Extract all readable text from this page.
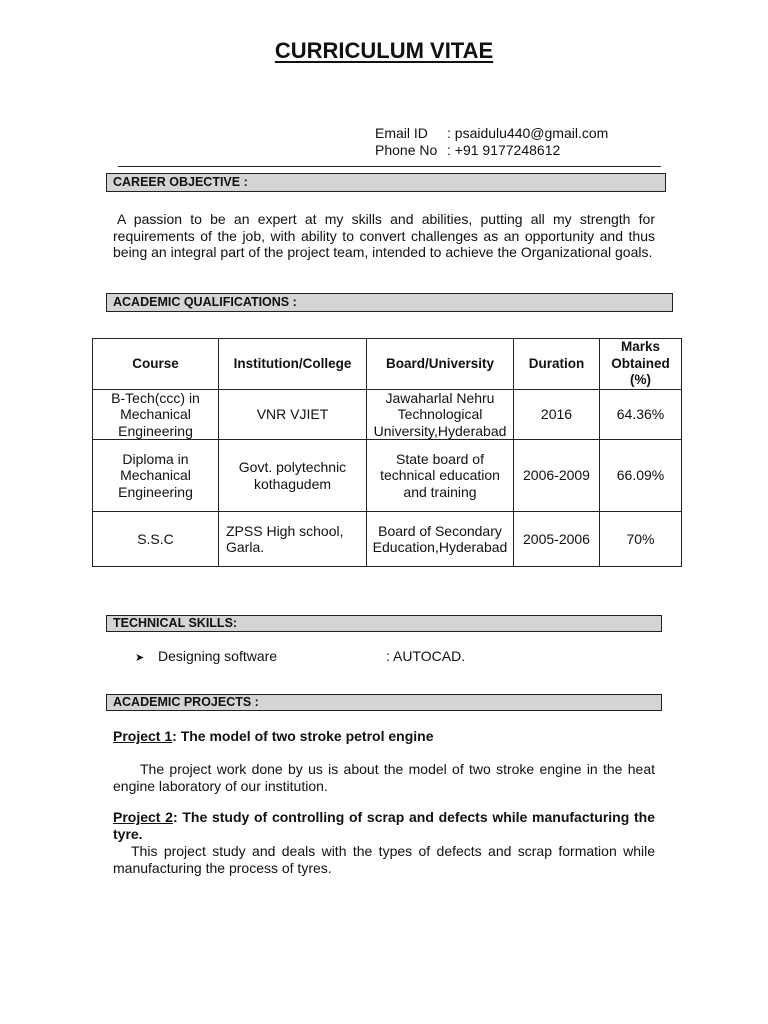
CURRICULUM VITAE
Email ID : psaidulu440@gmail.com
Phone No : +91 9177248612
CAREER OBJECTIVE :
A passion to be an expert at my skills and abilities, putting all my strength for requirements of the job, with ability to convert challenges as an opportunity and thus being an integral part of the project team, intended to achieve the Organizational goals.
ACADEMIC QUALIFICATIONS :
Course	Institution/College	Board/University	Duration	Marks Obtained (%)
B-Tech(ccc) in Mechanical Engineering	VNR VJIET	Jawaharlal Nehru Technological University,Hyderabad	2016	64.36%
Diploma in Mechanical Engineering	Govt. polytechnic kothagudem	State board of technical education and training	2006-2009	66.09%
S.S.C	ZPSS High school, Garla.	Board of Secondary Education,Hyderabad	2005-2006	70%
TECHNICAL SKILLS:
➤ Designing software	: AUTOCAD.
ACADEMIC PROJECTS :
Project 1: The model of two stroke petrol engine
The project work done by us is about the model of two stroke engine in the heat engine laboratory of our institution.
Project 2: The study of controlling of scrap and defects while manufacturing the tyre.
This project study and deals with the types of defects and scrap formation while manufacturing the process of tyres.
